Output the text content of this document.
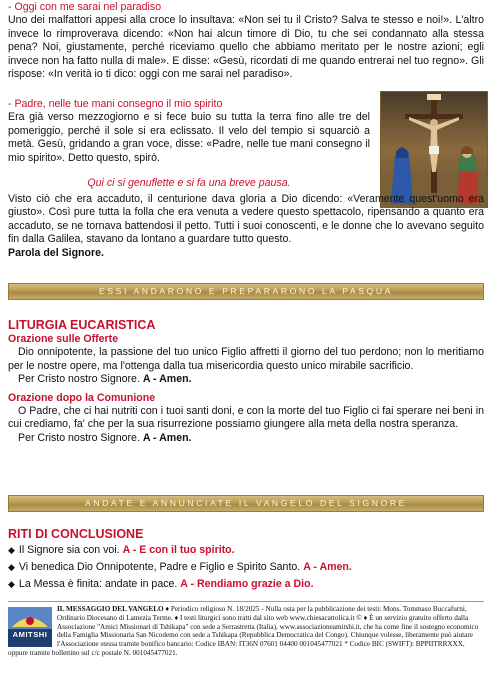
- Oggi con me sarai nel paradiso

Uno dei malfattori appesi alla croce lo insultava: «Non sei tu il Cristo? Salva te stesso e noi!». L'altro invece lo rimproverava dicendo: «Non hai alcun timore di Dio, tu che sei condannato alla stessa pena? Noi, giustamente, perché riceviamo quello che abbiamo meritato per le nostre azioni; egli invece non ha fatto nulla di male». E disse: «Gesù, ricordati di me quando entrerai nel tuo regno». Gli rispose: «In verità io ti dico: oggi con me sarai nel paradiso».

- Padre, nelle tue mani consegno il mio spirito

Era già verso mezzogiorno e si fece buio su tutta la terra fino alle tre del pomeriggio, perché il sole si era eclissato. Il velo del tempio si squarciò a metà. Gesù, gridando a gran voce, disse: «Padre, nelle tue mani consegno il mio spirito». Detto questo, spirò.

Qui ci si genuflette e si fa una breve pausa.

Visto ciò che era accaduto, il centurione dava gloria a Dio dicendo: «Veramente quest'uomo era giusto». Così pure tutta la folla che era venuta a vedere questo spettacolo, ripensando a quanto era accaduto, se ne tornava battendosi il petto. Tutti i suoi conoscenti, e le donne che lo avevano seguito fin dalla Galilea, stavano da lontano a guardare tutto questo.

Parola del Signore.

ESSI ANDARONO E PREPARARONO LA PASQUA

LITURGIA EUCARISTICA

Orazione sulle Offerte

Dio onnipotente, la passione del tuo unico Figlio affretti il giorno del tuo perdono; non lo meritiamo per le nostre opere, ma l'ottenga dalla tua misericordia questo unico mirabile sacrificio.

Per Cristo nostro Signore. A - Amen.

Orazione dopo la Comunione

O Padre, che ci hai nutriti con i tuoi santi doni, e con la morte del tuo Figlio ci fai sperare nei beni in cui crediamo, fa' che per la sua risurrezione possiamo giungere alla meta della nostra speranza.

Per Cristo nostro Signore. A - Amen.

ANDATE E ANNUNCIATE IL VANGELO DEL SIGNORE

RITI DI CONCLUSIONE

◆ Il Signore sia con voi. A - E con il tuo spirito.

◆ Vi benedica Dio Onnipotente, Padre e Figlio e Spirito Santo. A - Amen.

◆ La Messa è finita: andate in pace. A - Rendiamo grazie a Dio.

AMITSHI
IL MESSAGGIO DEL VANGELO ♦ Periodico religioso N. 18/2025 - Nulla osta per la pubblicazione dei testi: Mons. Tommaso Buccafurni, Ordinario Diocesano di Lamezia Terme. ♦ I testi liturgici sono tratti dal sito web www.chiesacattolica.it © ♦ È un servizio gratuito offerto dalla Associazione "Amici Missionari di Tshikapa" con sede a Serrastretta (Italia), www.associazioneamitshi.it, che ha come fine il sostegno economico della Famiglia Missionaria San Nicodemo con sede a Tshikapa (Repubblica Democratica del Congo). Chiunque volesse, liberamente può aiutare l'Associazione stessa tramite bonifico bancario: Codice IBAN: IT36N 07601 04400 001045477021 * Codice BIC (SWIFT): BPPIITRRXXX, oppure tramite bollettino sul c/c postale N. 001045477021.
